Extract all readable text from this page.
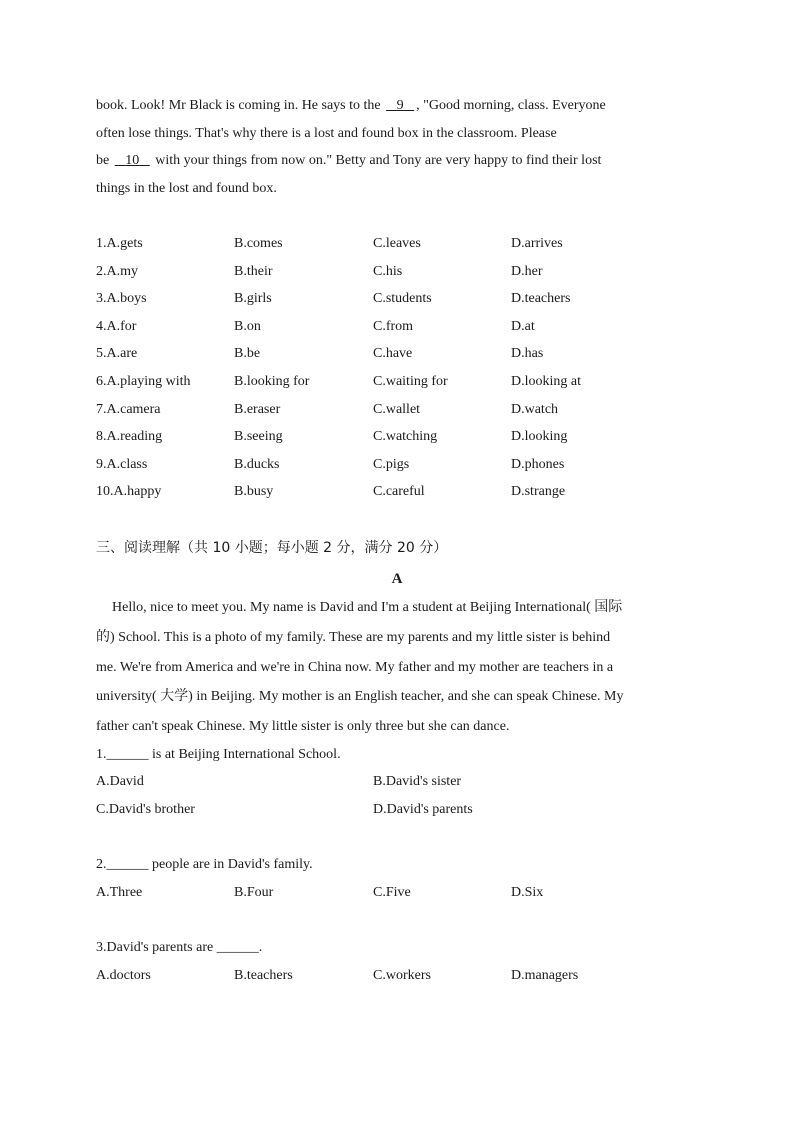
book. Look! Mr Black is coming in. He says to the    9 , "Good morning, class. Everyone
often lose things. That's why there is a lost and found box in the classroom. Please
be    10    with your things from now on." Betty and Tony are very happy to find their lost
things in the lost and found box.
1.A.gets	B.comes	C.leaves	D.arrives
2.A.my	B.their	C.his	D.her
3.A.boys	B.girls	C.students	D.teachers
4.A.for	B.on	C.from	D.at
5.A.are	B.be	C.have	D.has
6.A.playing with	B.looking for	C.waiting for	D.looking at
7.A.camera	B.eraser	C.wallet	D.watch
8.A.reading	B.seeing	C.watching	D.looking
9.A.class	B.ducks	C.pigs	D.phones
10.A.happy	B.busy	C.careful	D.strange
三、阅读理解（共 10 小题；每小题 2 分，满分 20 分）
A
Hello, nice to meet you. My name is David and I'm a student at Beijing International( 国际
的) School. This is a photo of my family. These are my parents and my little sister is behind
me. We're from America and we're in China now. My father and my mother are teachers in a
university( 大学) in Beijing. My mother is an English teacher, and she can speak Chinese. My
father can't speak Chinese. My little sister is only three but she can dance.
1.______ is at Beijing International School.
A.David	B.David's sister
C.David's brother	D.David's parents
2.______ people are in David's family.
A.Three	B.Four	C.Five	D.Six
3.David's parents are ______.
A.doctors	B.teachers	C.workers	D.managers
